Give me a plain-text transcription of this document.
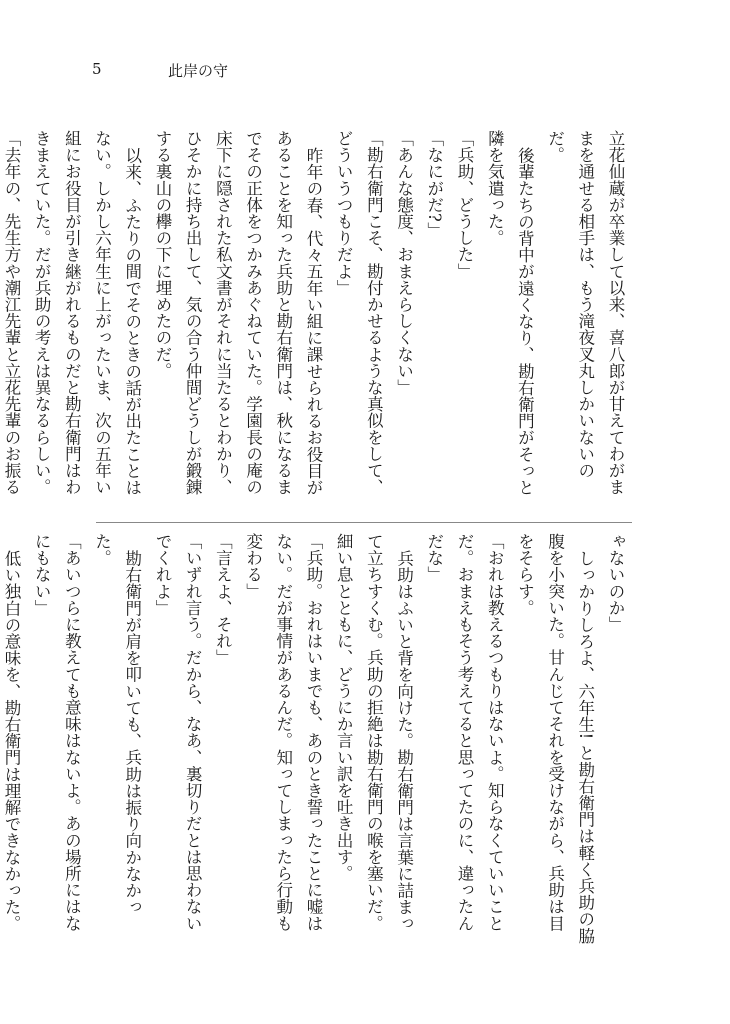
5	此岸の守

立花仙蔵が卒業して以来、喜八郎が甘えてわがままを通せる相手は、もう滝夜叉丸しかいないのだ。

後輩たちの背中が遠くなり、勘右衛門がそっと隣を気遣った。

「兵助、どうした」

「なにがだ?」

「あんな態度、おまえらしくない」

「勘右衛門こそ、勘付かせるような真似をして、どういうつもりだよ」

昨年の春、代々五年い組に課せられるお役目があることを知った兵助と勘右衛門は、秋になるまでその正体をつかみあぐねていた。学園長の庵の床下に隠された私文書がそれに当たるとわかり、ひそかに持ち出して、気の合う仲間どうしが鍛錬する裏山の欅の下に埋めたのだ。

以来、ふたりの間でそのときの話が出たことはない。しかし六年生に上がったいま、次の五年い組にお役目が引き継がれるものだと勘右衛門はわきまえていた。だが兵助の考えは異なるらしい。

「去年の、先生方や潮江先輩と立花先輩のお振る

ゃないのか」

しっかりしろよ、六年生! と勘右衛門は軽く兵助の脇腹を小突いた。甘んじてそれを受けながら、兵助は目をそらす。

「おれは教えるつもりはないよ。知らなくていいことだ。おまえもそう考えてると思ってたのに、違ったんだな」

兵助はふいと背を向けた。勘右衛門は言葉に詰まって立ちすくむ。兵助の拒絶は勘右衛門の喉を塞いだ。細い息とともに、どうにか言い訳を吐き出す。

「兵助。おれはいまでも、あのとき誓ったことに嘘はない。だが事情があるんだ。知ってしまったら行動も変わる」

「言えよ、それ」

「いずれ言う。だから、なあ、裏切りだとは思わないでくれよ」

勘右衛門が肩を叩いても、兵助は振り向かなかった。

「あいつらに教えても意味はないよ。あの場所にはなにもない」

低い独白の意味を、勘右衛門は理解できなかった。
